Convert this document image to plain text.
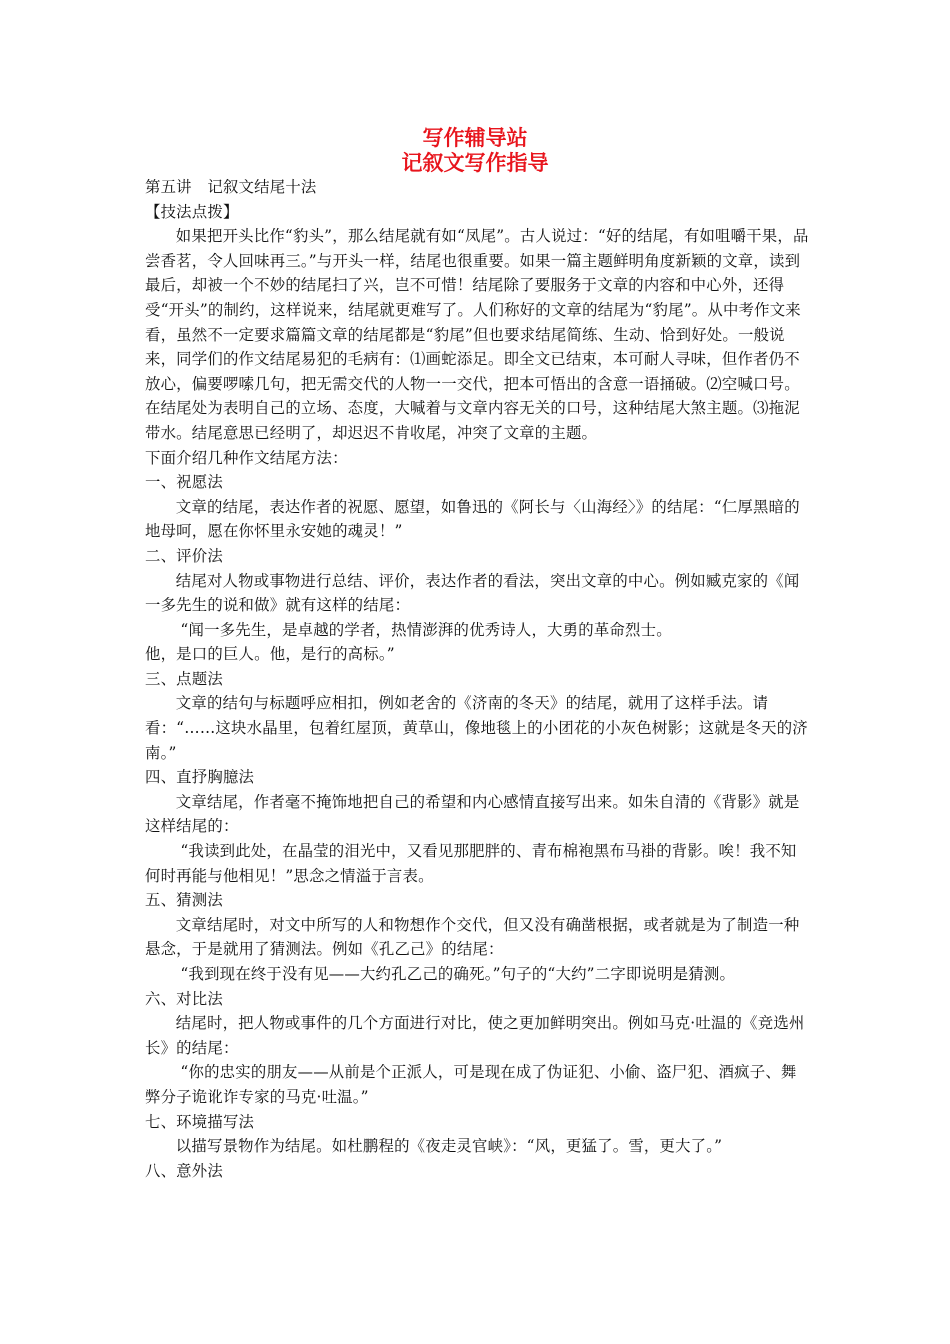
写作辅导站
记叙文写作指导

第五讲　记叙文结尾十法

【技法点拨】

如果把开头比作“豹头”，那么结尾就有如“凤尾”。古人说过：“好的结尾，有如咀嚼干果，品尝香茗，令人回味再三。”与开头一样，结尾也很重要。如果一篇主题鲜明角度新颖的文章，读到最后，却被一个不妙的结尾扫了兴，岂不可惜！结尾除了要服务于文章的内容和中心外，还得受“开头”的制约，这样说来，结尾就更难写了。人们称好的文章的结尾为“豹尾”。从中考作文来看，虽然不一定要求篇篇文章的结尾都是“豹尾”但也要求结尾简练、生动、恰到好处。一般说来，同学们的作文结尾易犯的毛病有：⑴画蛇添足。即全文已结束，本可耐人寻味，但作者仍不放心，偏要啰嗦几句，把无需交代的人物一一交代，把本可悟出的含意一语捅破。⑵空喊口号。在结尾处为表明自己的立场、态度，大喊着与文章内容无关的口号，这种结尾大煞主题。⑶拖泥带水。结尾意思已经明了，却迟迟不肯收尾，冲突了文章的主题。

下面介绍几种作文结尾方法：

一、祝愿法

文章的结尾，表达作者的祝愿、愿望，如鲁迅的《阿长与〈山海经〉》的结尾：“仁厚黑暗的地母呵，愿在你怀里永安她的魂灵！”

二、评价法

结尾对人物或事物进行总结、评价，表达作者的看法，突出文章的中心。例如臧克家的《闻一多先生的说和做》就有这样的结尾：

“闻一多先生，是卓越的学者，热情澎湃的优秀诗人，大勇的革命烈士。

他，是口的巨人。他，是行的高标。”

三、点题法

文章的结句与标题呼应相扣，例如老舍的《济南的冬天》的结尾，就用了这样手法。请看：“……这块水晶里，包着红屋顶，黄草山，像地毯上的小团花的小灰色树影；这就是冬天的济南。”

四、直抒胸臆法

文章结尾，作者毫不掩饰地把自己的希望和内心感情直接写出来。如朱自清的《背影》就是这样结尾的：

“我读到此处，在晶莹的泪光中，又看见那肥胖的、青布棉袍黑布马褂的背影。唉！我不知何时再能与他相见！”思念之情溢于言表。

五、猜测法

文章结尾时，对文中所写的人和物想作个交代，但又没有确凿根据，或者就是为了制造一种悬念，于是就用了猜测法。例如《孔乙己》的结尾：

“我到现在终于没有见——大约孔乙己的确死。”句子的“大约”二字即说明是猜测。

六、对比法

结尾时，把人物或事件的几个方面进行对比，使之更加鲜明突出。例如马克·吐温的《竞选州长》的结尾：

“你的忠实的朋友——从前是个正派人，可是现在成了伪证犯、小偷、盗尸犯、酒疯子、舞弊分子诡讹诈专家的马克·吐温。”

七、环境描写法

以描写景物作为结尾。如杜鹏程的《夜走灵官峡》：“风，更猛了。雪，更大了。”

八、意外法
